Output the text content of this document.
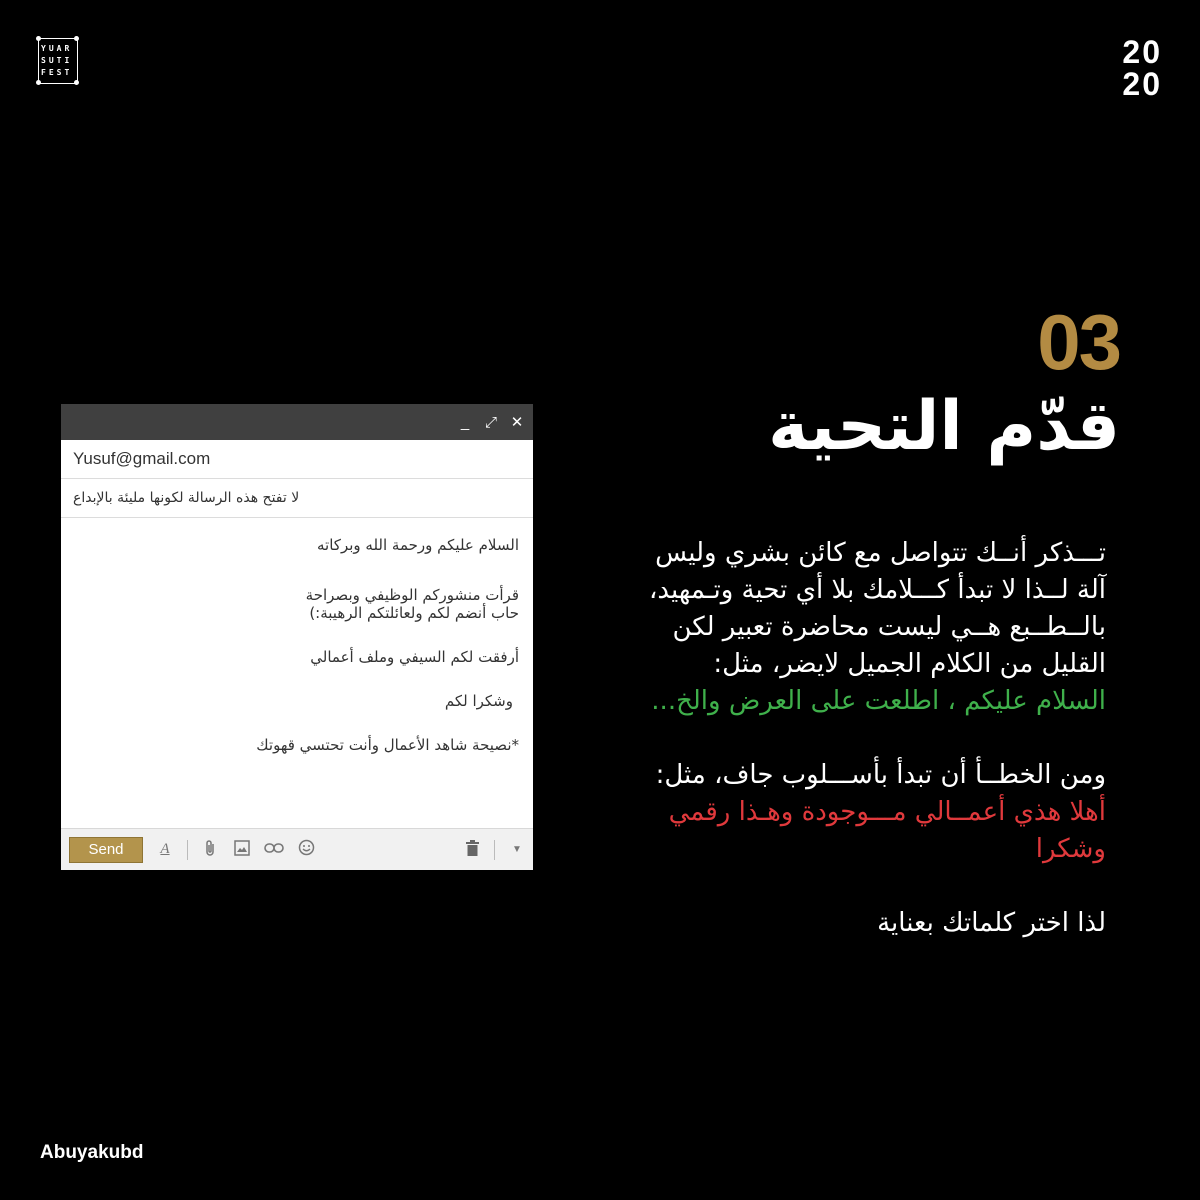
YUAR
SUTI
FEST
20
20
03
قدّم التحية
_ ⤢ ✕
Yusuf@gmail.com
لا تفتح هذه الرسالة لكونها مليئة بالإبداع

السلام عليكم ورحمة الله وبركاته

قرأت منشوركم الوظيفي وبصراحة

حاب أنضم لكم ولعائلتكم الرهيبة:)

أرفقت لكم السيفي وملف أعمالي

وشكرا لكم

*نصيحة شاهد الأعمال وأنت تحتسي قهوتك

Send	A	▼

تـــذكر أنــك تتواصل مع كائن بشري وليس آلة لــذا لا تبدأ كـــلامك بلا أي تحية وتـمهيد، بالــطــبع هــي ليست محاضرة تعبير لكن القليل من الكلام الجميل لايضر، مثل:

السلام عليكم ، اطلعت على العرض والخ...

ومن الخطــأ أن تبدأ بأســـلوب جاف، مثل:

أهلا هذي أعمــالي مـــوجودة وهـذا رقمي وشكرا

لذا اختر كلماتك بعناية

Abuyakubd
